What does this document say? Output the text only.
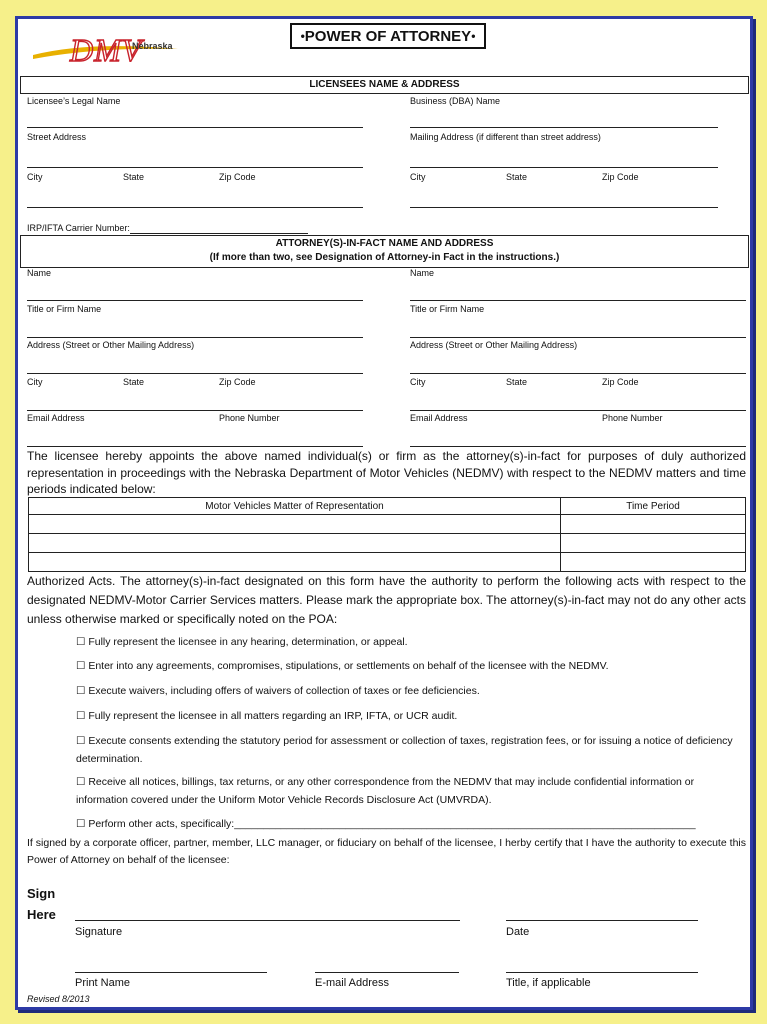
DMV
Nebraska
• POWER OF ATTORNEY •
LICENSEES NAME & ADDRESS
Licensee’s Legal Name	Business (DBA) Name
Street Address	Mailing Address (if different than street address)
City	State	Zip Code	City	State	Zip Code
IRP/IFTA Carrier Number:
ATTORNEY(S)-IN-FACT NAME AND ADDRESS
(If more than two, see Designation of Attorney-in Fact in the instructions.)
Name	Name
Title or Firm Name	Title or Firm Name
Address (Street or Other Mailing Address)	Address (Street or Other Mailing Address)
City	State	Zip Code	City	State	Zip Code
Email Address	Phone Number	Email Address	Phone Number
The licensee hereby appoints the above named individual(s) or firm as the attorney(s)-in-fact for purposes of duly authorized representation in proceedings with the Nebraska Department of Motor Vehicles (NEDMV) with respect to the NEDMV matters and time periods indicated below:
Motor Vehicles Matter of Representation	Time Period

Authorized Acts. The attorney(s)-in-fact designated on this form have the authority to perform the following acts with respect to the designated NEDMV-Motor Carrier Services matters. Please mark the appropriate box. The attorney(s)-in-fact may not do any other acts unless otherwise marked or specifically noted on the POA:
☐ Fully represent the licensee in any hearing, determination, or appeal.
☐ Enter into any agreements, compromises, stipulations, or settlements on behalf of the licensee with the NEDMV.
☐ Execute waivers, including offers of waivers of collection of taxes or fee deficiencies.
☐ Fully represent the licensee in all matters regarding an IRP, IFTA, or UCR audit.
☐ Execute consents extending the statutory period for assessment or collection of taxes, registration fees, or for issuing a notice of deficiency determination.
☐ Receive all notices, billings, tax returns, or any other correspondence from the NEDMV that may include confidential information or information covered under the Uniform Motor Vehicle Records Disclosure Act (UMVRDA).
☐ Perform other acts, specifically:_______________________________________________________________________________
If signed by a corporate officer, partner, member, LLC manager, or fiduciary on behalf of the licensee, I herby certify that I have the authority to execute this Power of Attorney on behalf of the licensee:
Sign
Here
Signature	Date
Print Name	E-mail Address	Title, if applicable
Revised 8/2013
